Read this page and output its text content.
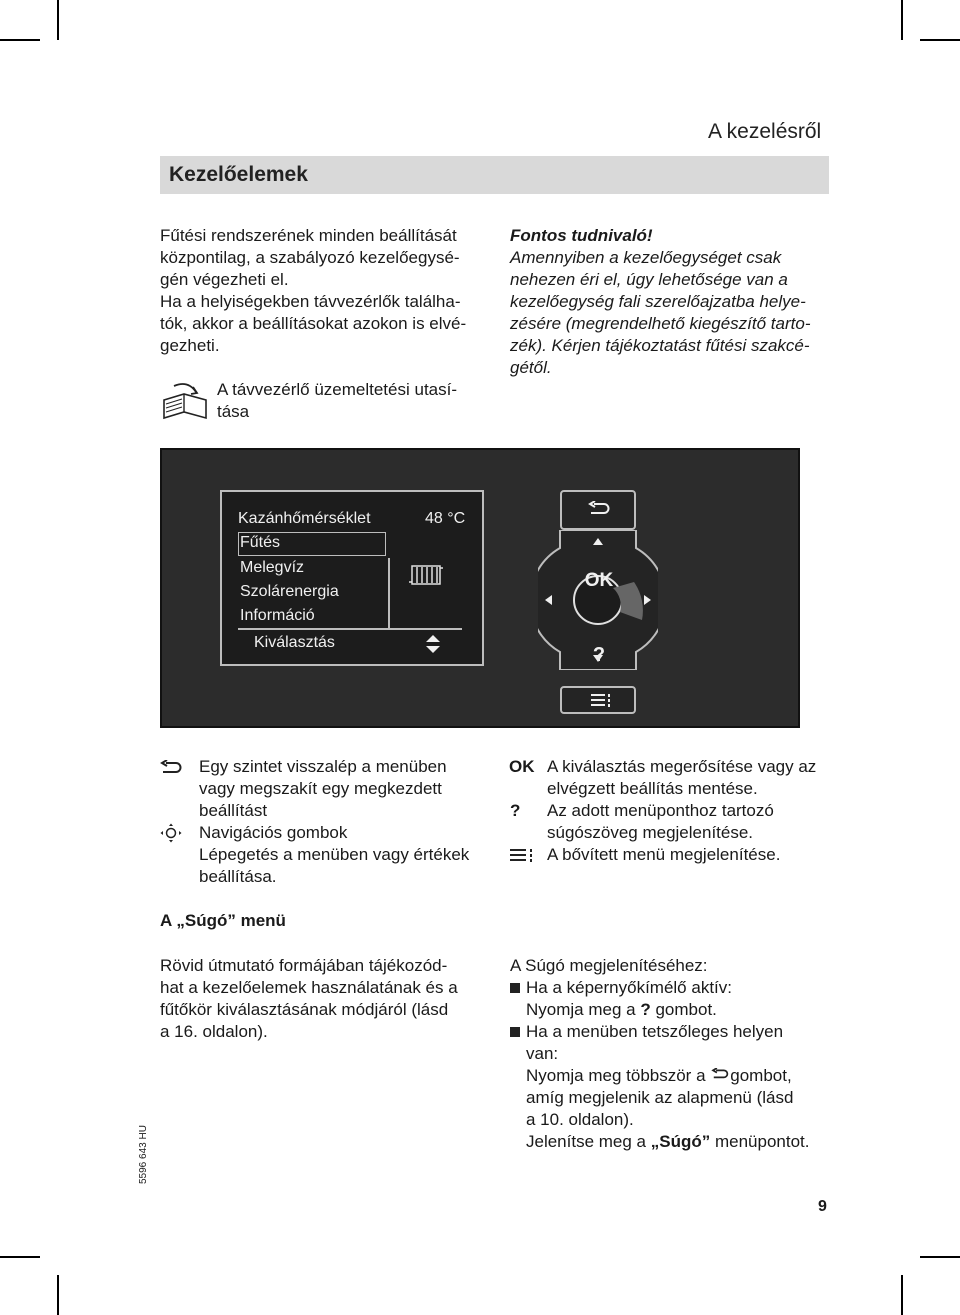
A kezelésről
Kezelőelemek
Fűtési rendszerének minden beállítását
központilag, a szabályozó kezelőegysé-
gén végezheti el.
Ha a helyiségekben távvezérlők találha-
tók, akkor a beállításokat azokon is elvé-
gezheti.
A távvezérlő üzemeltetési utasí-
tása
Fontos tudnivaló!
Amennyiben a kezelőegységet csak
nehezen éri el, úgy lehetősége van a
kezelőegység fali szerelőajzatba helye-
zésére (megrendelhető kiegészítő tarto-
zék). Kérjen tájékoztatást fűtési szakcé-
gétől.
Kazánhőmérséklet	48 °C
Fűtés
Melegvíz
Szolárenergia
Információ
Kiválasztás
OK
?
Egy szintet visszalép a menüben
vagy megszakít egy megkezdett
beállítást
Navigációs gombok
Lépegetés a menüben vagy értékek
beállítása.
OK A kiválasztás megerősítése vagy az
elvégzett beállítás mentése.
? Az adott menüponthoz tartozó
súgószöveg megjelenítése.
A bővített menü megjelenítése.
A „Súgó” menü
Rövid útmutató formájában tájékozód-
hat a kezelőelemek használatának és a
fűtőkör kiválasztásának módjáról (lásd
a 16. oldalon).
A Súgó megjelenítéséhez:
Ha a képernyőkímélő aktív:
Nyomja meg a ? gombot.
Ha a menüben tetszőleges helyen
van:
Nyomja meg többször a gombot,
amíg megjelenik az alapmenü (lásd
a 10. oldalon).
Jelenítse meg a „Súgó” menüpontot.
5596 643 HU
9
